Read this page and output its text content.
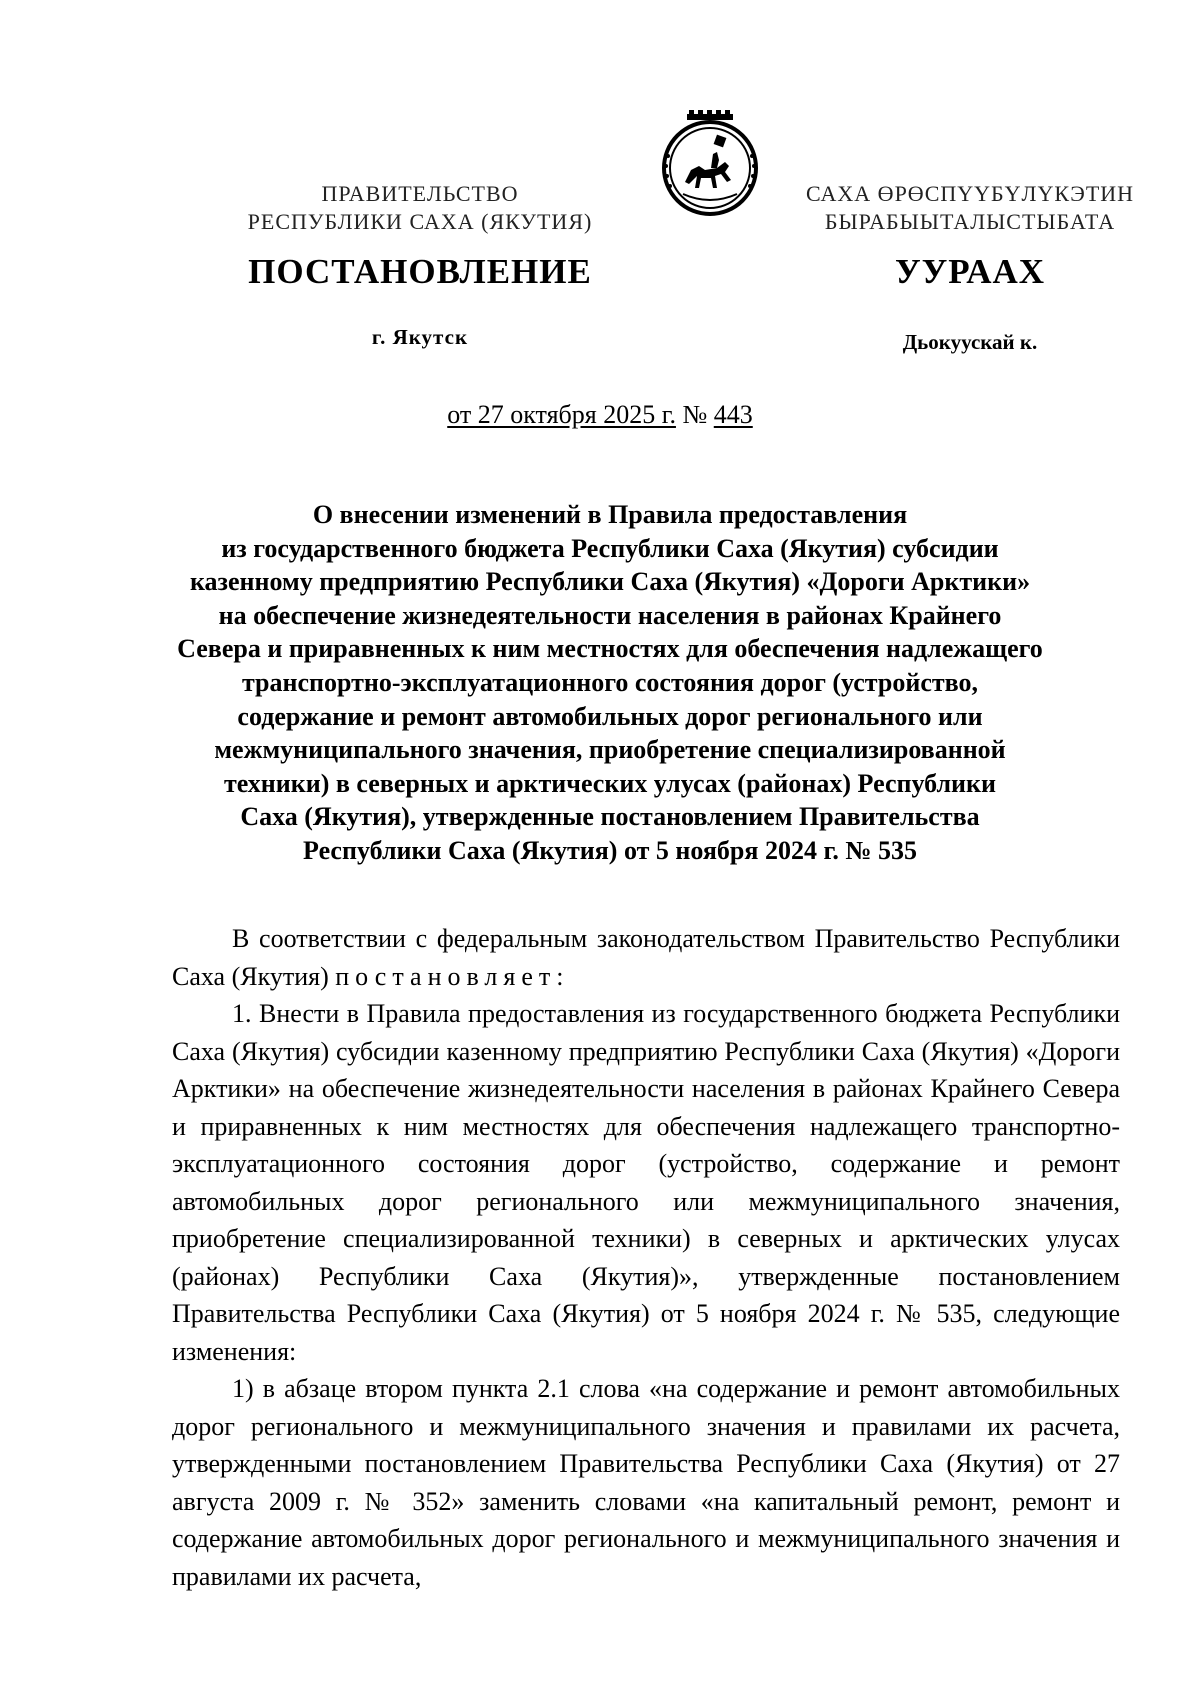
ПРАВИТЕЛЬСТВО
РЕСПУБЛИКИ САХА (ЯКУТИЯ)
САХА ӨРӨСПҮҮБҮЛҮКЭТИН
БЫРАБЫЫТАЛЫСТЫБАТА
ПОСТАНОВЛЕНИЕ	УУРААХ
г. Якутск	Дьокуускай к.
от 27 октября 2025 г. № 443
О внесении изменений в Правила предоставления
из государственного бюджета Республики Саха (Якутия) субсидии
казенному предприятию Республики Саха (Якутия) «Дороги Арктики»
на обеспечение жизнедеятельности населения в районах Крайнего
Севера и приравненных к ним местностях для обеспечения надлежащего
транспортно-эксплуатационного состояния дорог (устройство,
содержание и ремонт автомобильных дорог регионального или
межмуниципального значения, приобретение специализированной
техники) в северных и арктических улусах (районах) Республики
Саха (Якутия), утвержденные постановлением Правительства
Республики Саха (Якутия) от 5 ноября 2024 г. № 535

В соответствии с федеральным законодательством Правительство Республики Саха (Якутия) постановляет:

1. Внести в Правила предоставления из государственного бюджета Республики Саха (Якутия) субсидии казенному предприятию Республики Саха (Якутия) «Дороги Арктики» на обеспечение жизнедеятельности населения в районах Крайнего Севера и приравненных к ним местностях для обеспечения надлежащего транспортно-эксплуатационного состояния дорог (устройство, содержание и ремонт автомобильных дорог регионального или межмуниципального значения, приобретение специализированной техники) в северных и арктических улусах (районах) Республики Саха (Якутия)», утвержденные постановлением Правительства Республики Саха (Якутия) от 5 ноября 2024 г. № 535, следующие изменения:

1) в абзаце втором пункта 2.1 слова «на содержание и ремонт автомобильных дорог регионального и межмуниципального значения и правилами их расчета, утвержденными постановлением Правительства Республики Саха (Якутия) от 27 августа 2009 г. № 352» заменить словами «на капитальный ремонт, ремонт и содержание автомобильных дорог регионального и межмуниципального значения и правилами их расчета,
